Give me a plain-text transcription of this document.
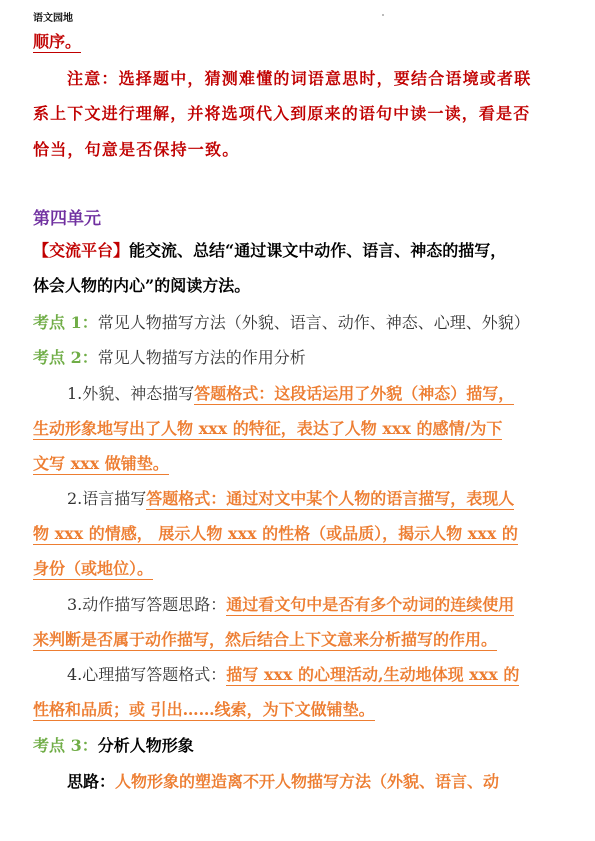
语文园地
顺序。
注意：选择题中，猜测难懂的词语意思时，要结合语境或者联
系上下文进行理解，并将选项代入到原来的语句中读一读，看是否
恰当，句意是否保持一致。
第四单元
【交流平台】能交流、总结“通过课文中动作、语言、神态的描写，
体会人物的内心”的阅读方法。
考点 1：常见人物描写方法（外貌、语言、动作、神态、心理、外貌）
考点 2：常见人物描写方法的作用分析
1.外貌、神态描写答题格式：这段话运用了外貌（神态）描写，
生动形象地写出了人物 xxx 的特征，表达了人物 xxx 的感情/为下
文写 xxx 做铺垫。
2.语言描写答题格式：通过对文中某个人物的语言描写，表现人
物 xxx 的情感， 展示人物 xxx 的性格（或品质），揭示人物 xxx 的
身份（或地位）。
3.动作描写答题思路：通过看文句中是否有多个动词的连续使用
来判断是否属于动作描写，然后结合上下文意来分析描写的作用。
4.心理描写答题格式：描写 xxx 的心理活动,生动地体现 xxx 的
性格和品质；或 引出……线索，为下文做铺垫。
考点 3：分析人物形象
思路：人物形象的塑造离不开人物描写方法（外貌、语言、动
